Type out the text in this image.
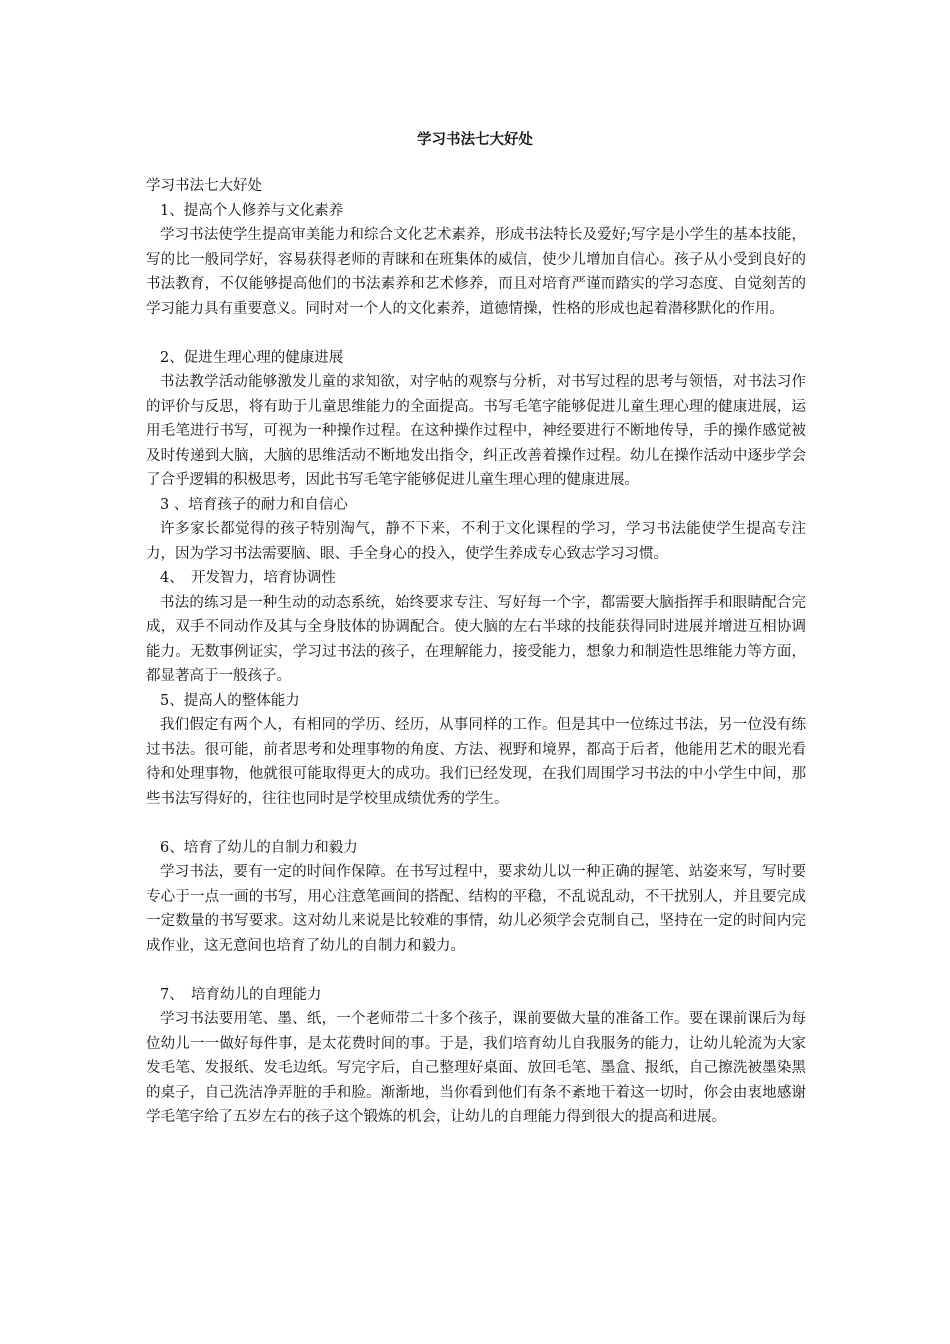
学习书法七大好处

学习书法七大好处

1、提高个人修养与文化素养

学习书法使学生提高审美能力和综合文化艺术素养，形成书法特长及爱好;写字是小学生的基本技能，写的比一般同学好，容易获得老师的青睐和在班集体的威信，使少儿增加自信心。孩子从小受到良好的书法教育，不仅能够提高他们的书法素养和艺术修养，而且对培育严谨而踏实的学习态度、自觉刻苦的学习能力具有重要意义。同时对一个人的文化素养，道德情操，性格的形成也起着潜移默化的作用。

2、促进生理心理的健康进展

书法教学活动能够激发儿童的求知欲，对字帖的观察与分析，对书写过程的思考与领悟，对书法习作的评价与反思，将有助于儿童思维能力的全面提高。书写毛笔字能够促进儿童生理心理的健康进展，运用毛笔进行书写，可视为一种操作过程。在这种操作过程中，神经要进行不断地传导，手的操作感觉被及时传递到大脑，大脑的思维活动不断地发出指令，纠正改善着操作过程。幼儿在操作活动中逐步学会了合乎逻辑的积极思考，因此书写毛笔字能够促进儿童生理心理的健康进展。

3 、培育孩子的耐力和自信心

许多家长都觉得的孩子特别淘气，静不下来，不利于文化课程的学习，学习书法能使学生提高专注力，因为学习书法需要脑、眼、手全身心的投入，使学生养成专心致志学习习惯。

4、　开发智力，培育协调性

书法的练习是一种生动的动态系统，始终要求专注、写好每一个字，都需要大脑指挥手和眼睛配合完成，双手不同动作及其与全身肢体的协调配合。使大脑的左右半球的技能获得同时进展并增进互相协调能力。无数事例证实，学习过书法的孩子，在理解能力，接受能力，想象力和制造性思维能力等方面，都显著高于一般孩子。

5、提高人的整体能力

我们假定有两个人，有相同的学历、经历，从事同样的工作。但是其中一位练过书法，另一位没有练过书法。很可能，前者思考和处理事物的角度、方法、视野和境界，都高于后者，他能用艺术的眼光看待和处理事物，他就很可能取得更大的成功。我们已经发现，在我们周围学习书法的中小学生中间，那些书法写得好的，往往也同时是学校里成绩优秀的学生。

6、培育了幼儿的自制力和毅力

学习书法，要有一定的时间作保障。在书写过程中，要求幼儿以一种正确的握笔、站姿来写，写时要专心于一点一画的书写，用心注意笔画间的搭配、结构的平稳，不乱说乱动，不干扰别人，并且要完成一定数量的书写要求。这对幼儿来说是比较难的事情，幼儿必须学会克制自己，坚持在一定的时间内完成作业，这无意间也培育了幼儿的自制力和毅力。

7、　培育幼儿的自理能力

学习书法要用笔、墨、纸，一个老师带二十多个孩子，课前要做大量的准备工作。要在课前课后为每位幼儿一一做好每件事，是太花费时间的事。于是，我们培育幼儿自我服务的能力，让幼儿轮流为大家发毛笔、发报纸、发毛边纸。写完字后，自己整理好桌面、放回毛笔、墨盒、报纸，自己擦洗被墨染黑的桌子，自己洗洁净弄脏的手和脸。渐渐地，当你看到他们有条不紊地干着这一切时，你会由衷地感谢学毛笔字给了五岁左右的孩子这个锻炼的机会，让幼儿的自理能力得到很大的提高和进展。
